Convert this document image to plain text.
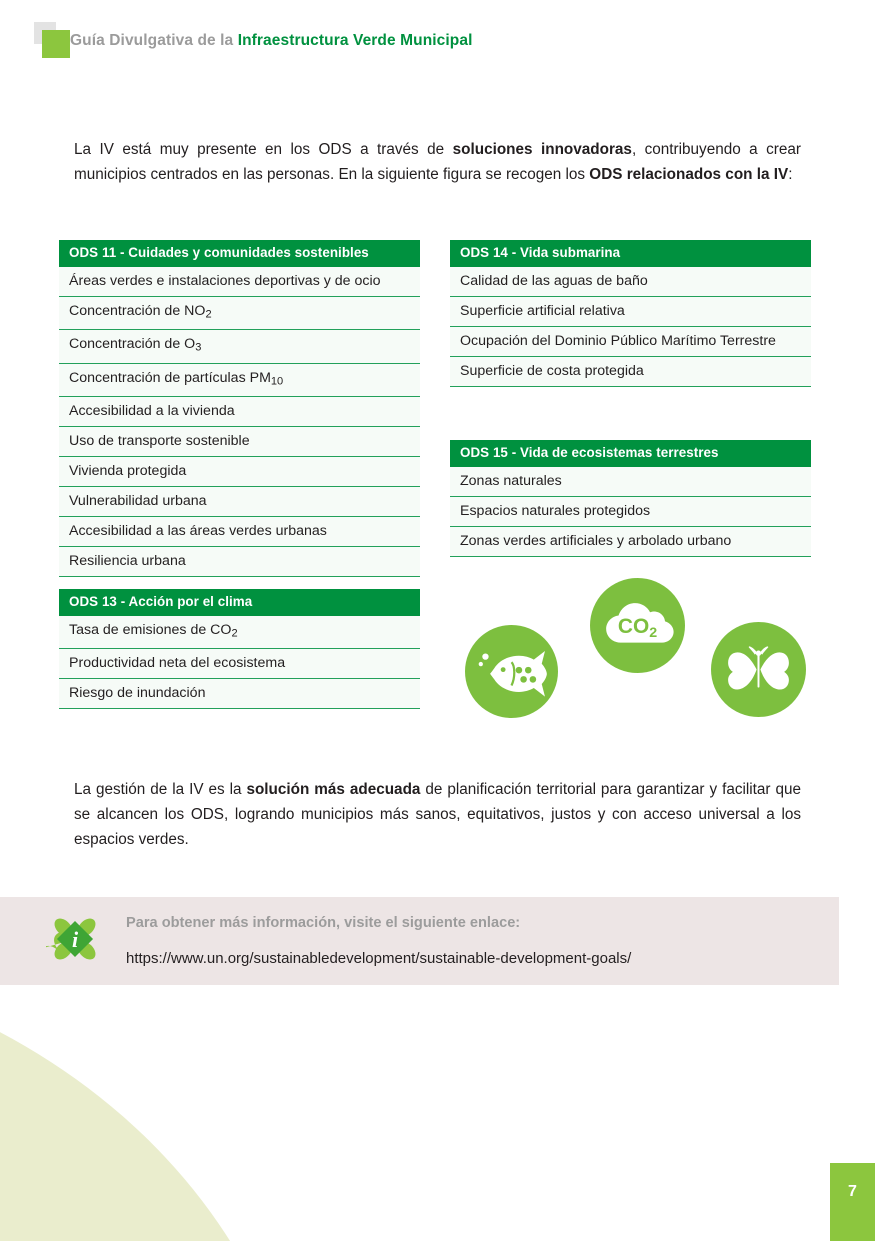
Guía Divulgativa de la Infraestructura Verde Municipal
La IV está muy presente en los ODS a través de soluciones innovadoras, contribuyendo a crear municipios centrados en las personas. En la siguiente figura se recogen los ODS relacionados con la IV:
ODS 11 - Cuidades y comunidades sostenibles
Áreas verdes e instalaciones deportivas y de ocio
Concentración de $NO_2$
Concentración de $O_3$
Concentración de partículas $PM_{10}$
Accesibilidad a la vivienda
Uso de transporte sostenible
Vivienda protegida
Vulnerabilidad urbana
Accesibilidad a las áreas verdes urbanas
Resiliencia urbana
ODS 13 - Acción por el clima
Tasa de emisiones de $CO_2$
Productividad neta del ecosistema
Riesgo de inundación
ODS 14 - Vida submarina
Calidad de las aguas de baño
Superficie artificial relativa
Ocupación del Dominio Público Marítimo Terrestre
Superficie de costa protegida
ODS 15 - Vida de ecosistemas terrestres
Zonas naturales
Espacios naturales protegidos
Zonas verdes artificiales y arbolado urbano
CO2
i
Para obtener más información, visite el siguiente enlace:
https://www.un.org/sustainabledevelopment/sustainable-development-goals/
7
La gestión de la IV es la solución más adecuada de planificación territorial para garantizar y facilitar que se alcancen los ODS, logrando municipios más sanos, equitativos, justos y con acceso universal a los espacios verdes.
